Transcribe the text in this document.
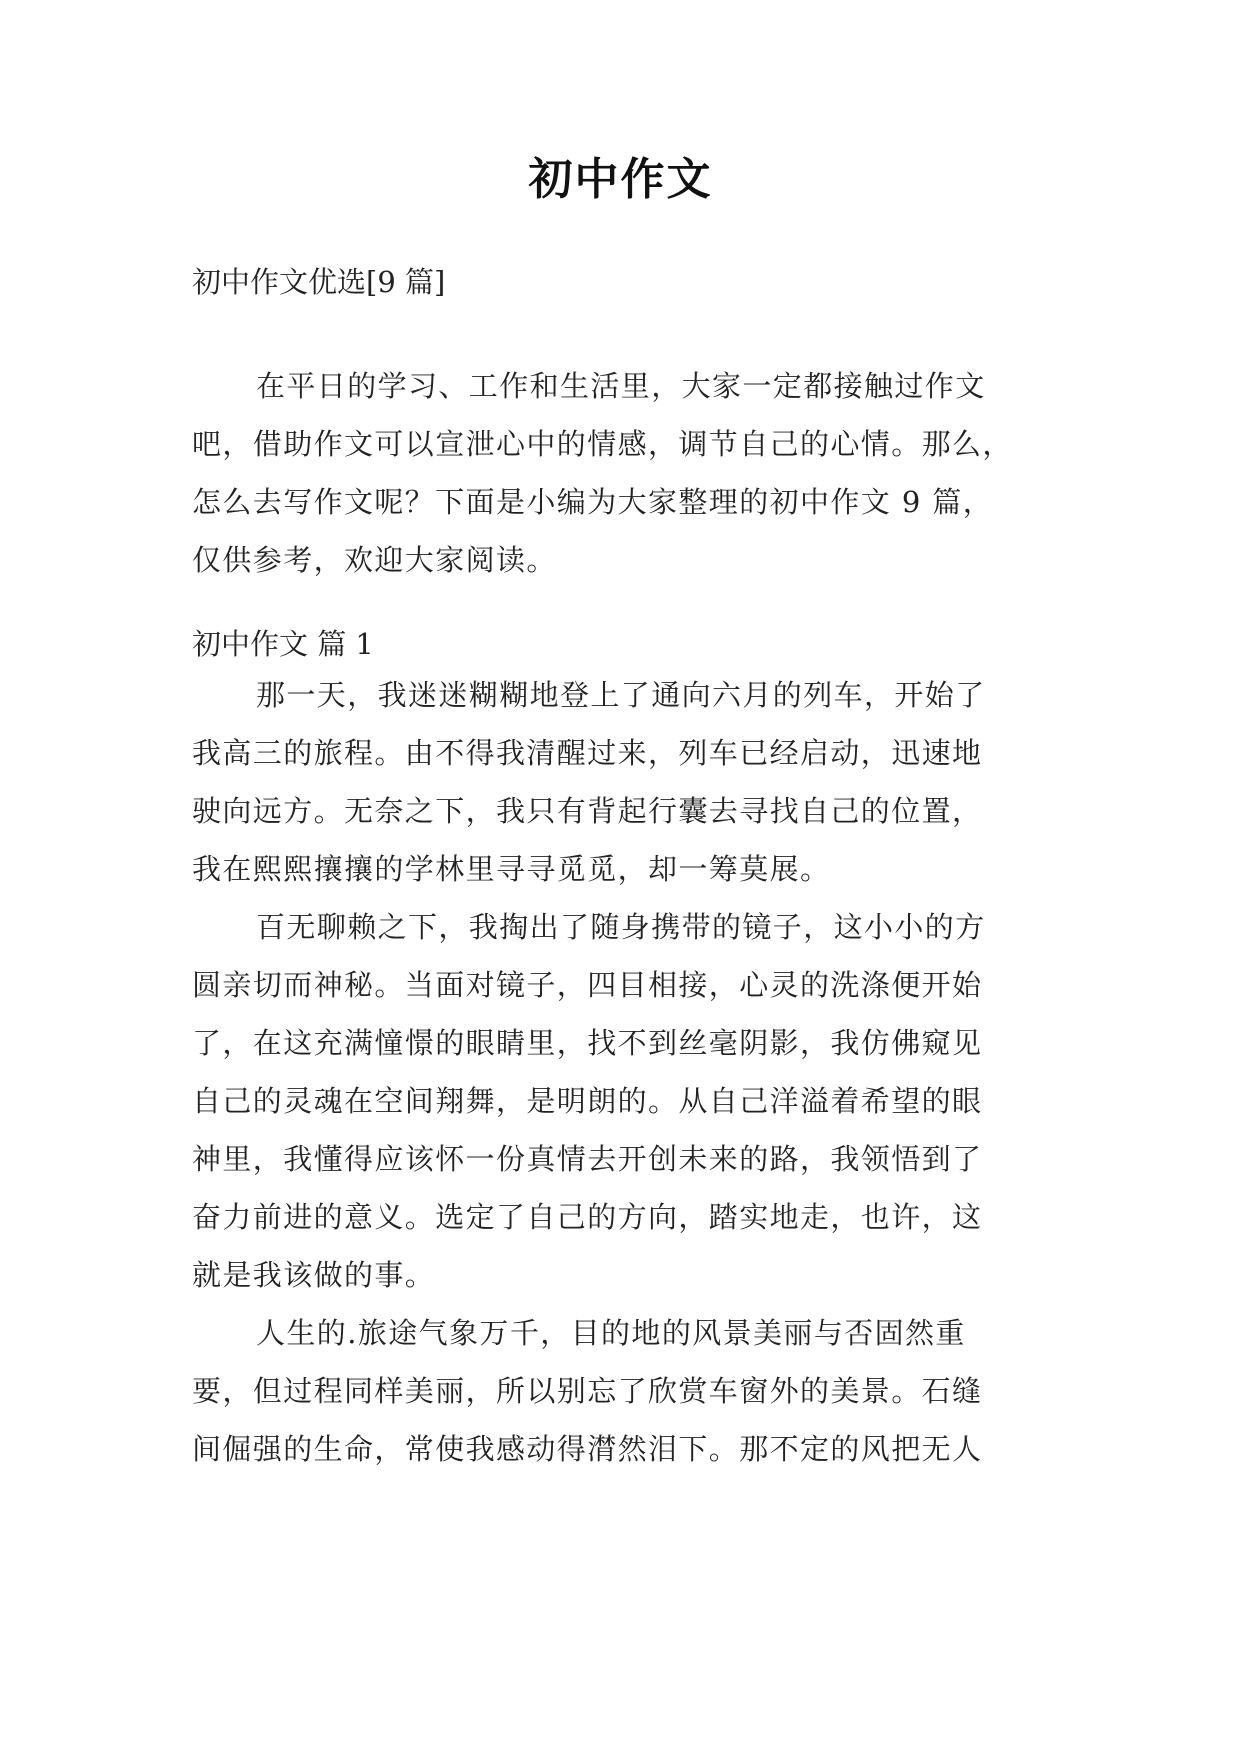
初中作文

初中作文优选[9 篇]

在平日的学习、工作和生活里，大家一定都接触过作文
吧，借助作文可以宣泄心中的情感，调节自己的心情。那么，
怎么去写作文呢？下面是小编为大家整理的初中作文 9 篇，
仅供参考，欢迎大家阅读。

初中作文 篇 1

那一天，我迷迷糊糊地登上了通向六月的列车，开始了
我高三的旅程。由不得我清醒过来，列车已经启动，迅速地
驶向远方。无奈之下，我只有背起行囊去寻找自己的位置，
我在熙熙攘攘的学林里寻寻觅觅，却一筹莫展。

百无聊赖之下，我掏出了随身携带的镜子，这小小的方
圆亲切而神秘。当面对镜子，四目相接，心灵的洗涤便开始
了，在这充满憧憬的眼睛里，找不到丝毫阴影，我仿佛窥见
自己的灵魂在空间翔舞，是明朗的。从自己洋溢着希望的眼
神里，我懂得应该怀一份真情去开创未来的路，我领悟到了
奋力前进的意义。选定了自己的方向，踏实地走，也许，这
就是我该做的事。

人生的.旅途气象万千，目的地的风景美丽与否固然重
要，但过程同样美丽，所以别忘了欣赏车窗外的美景。石缝
间倔强的生命，常使我感动得潸然泪下。那不定的风把无人
